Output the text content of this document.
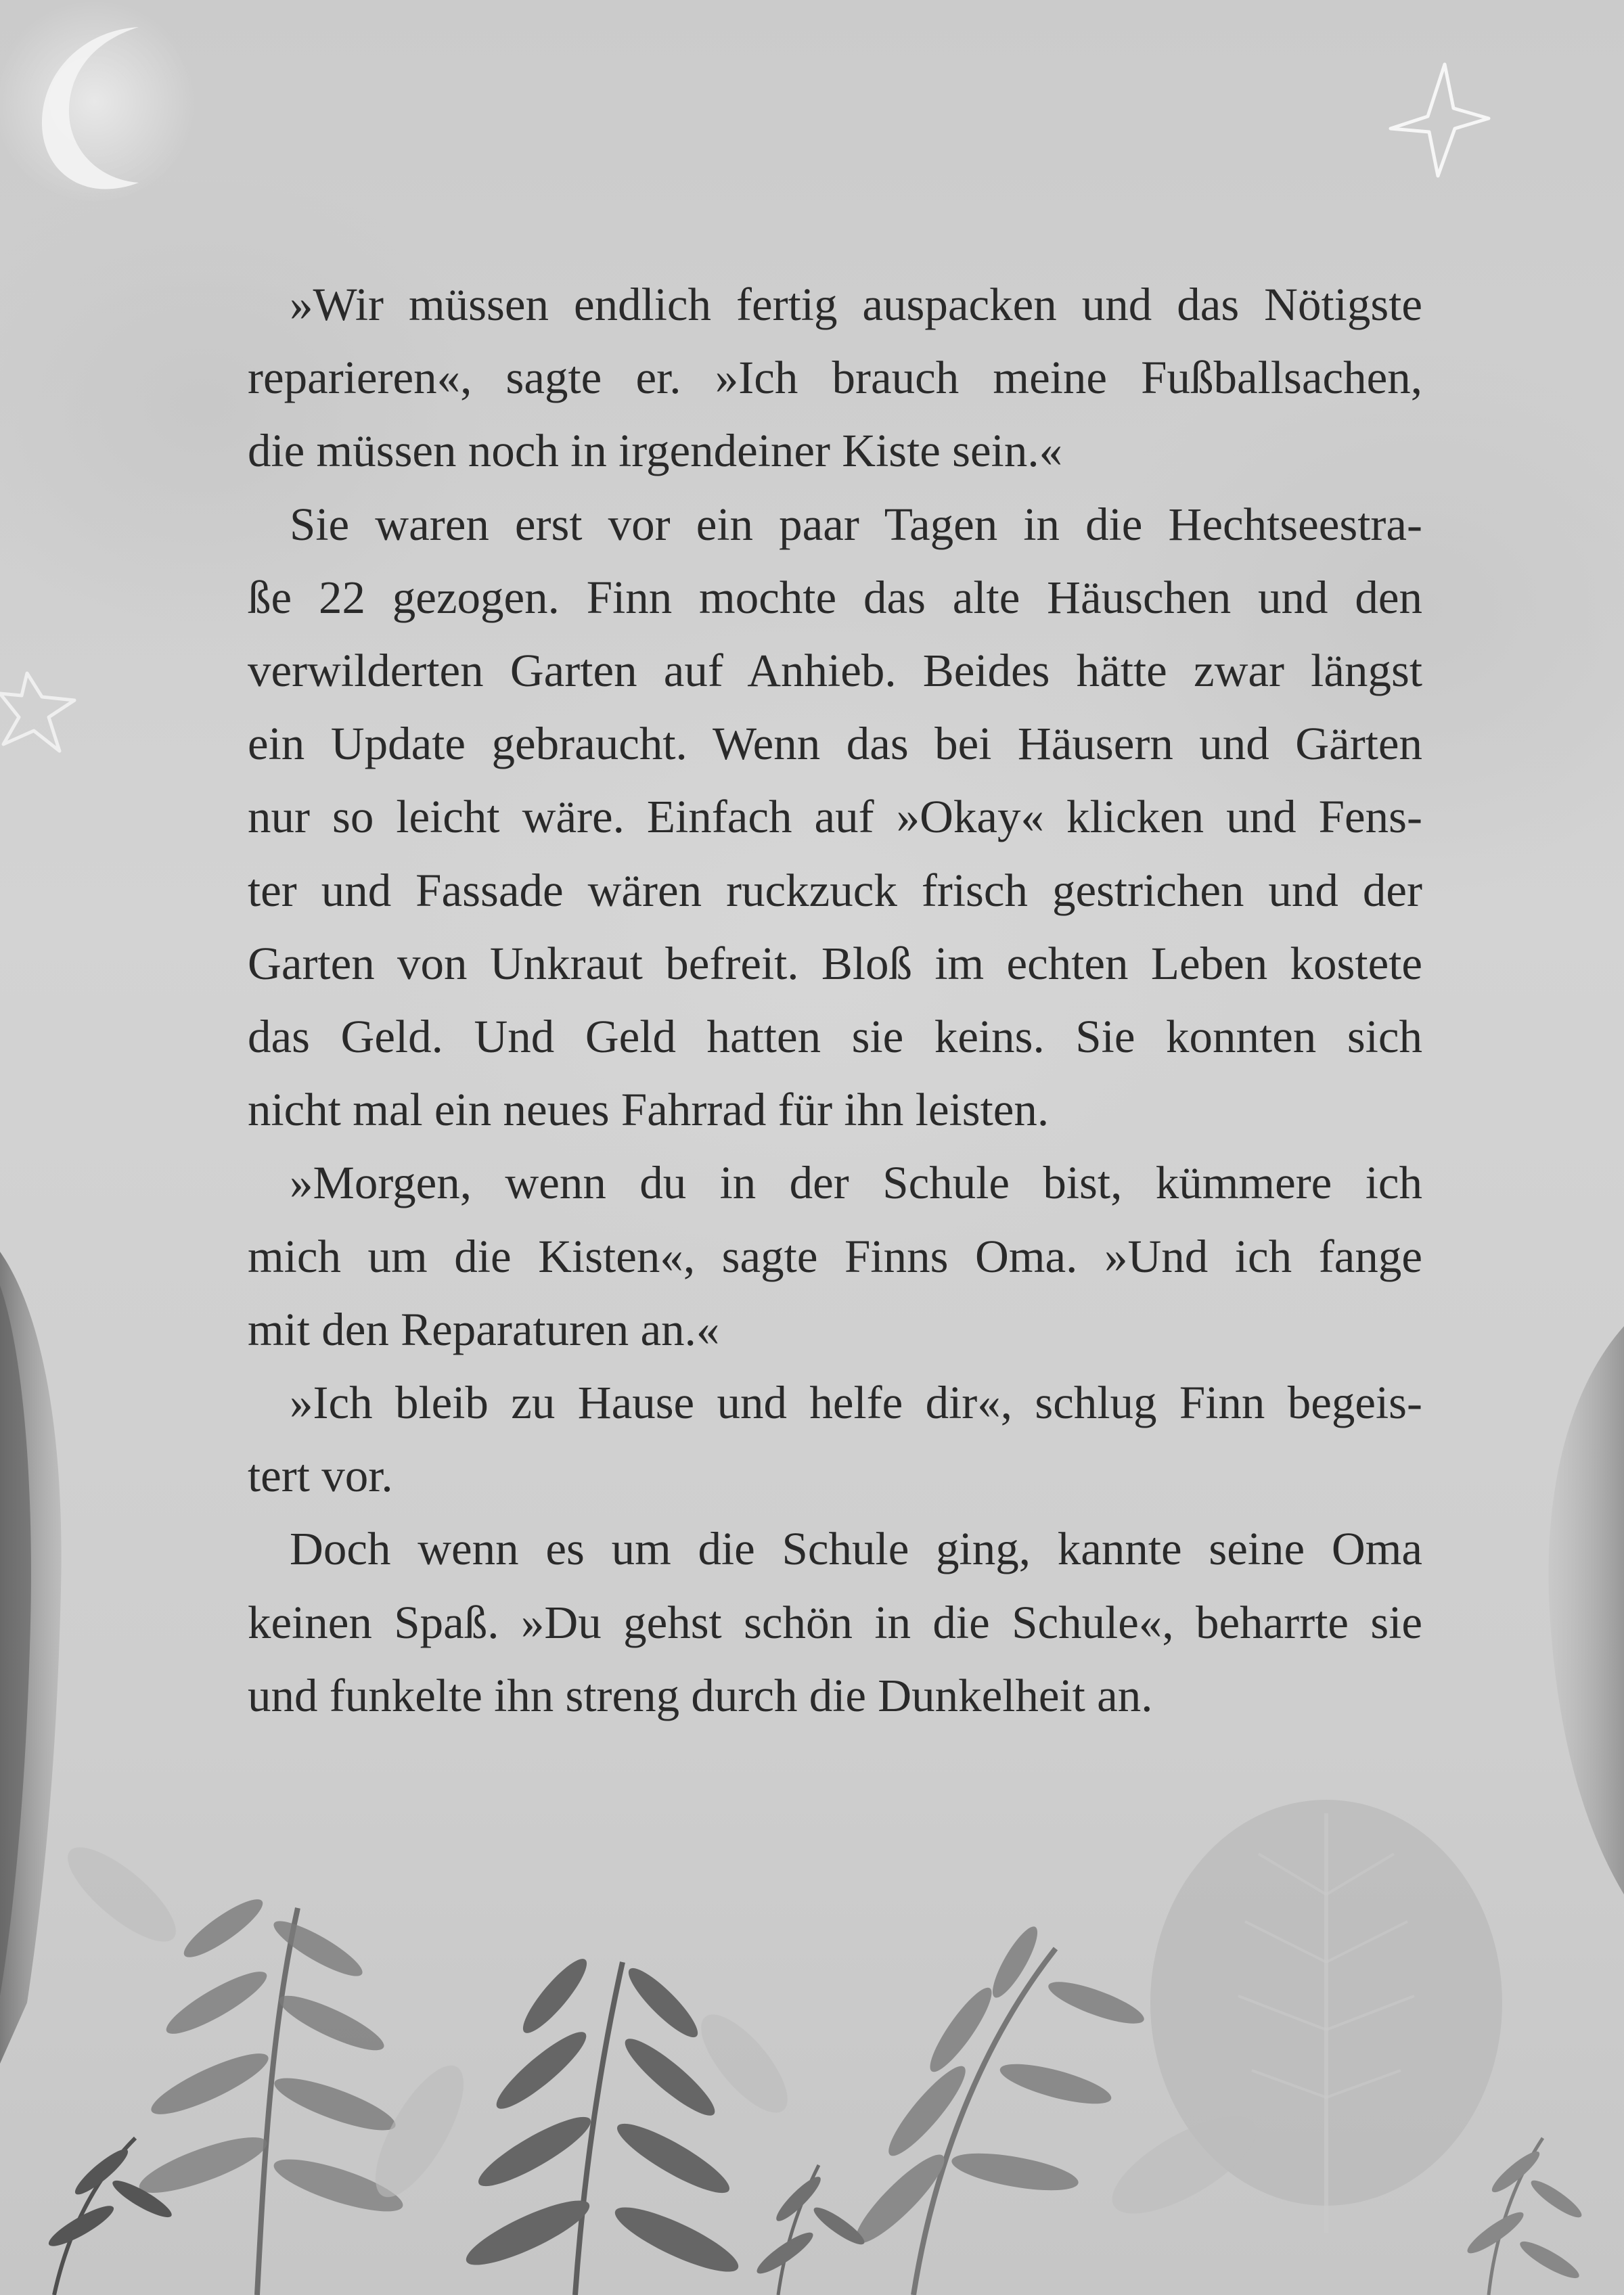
»Wir müssen endlich fertig auspacken und das Nötigste
reparieren«, sagte er. »Ich brauch meine Fußballsachen,
die müssen noch in irgendeiner Kiste sein.«
Sie waren erst vor ein paar Tagen in die Hechtseestra-
ße 22 gezogen. Finn mochte das alte Häuschen und den
verwilderten Garten auf Anhieb. Beides hätte zwar längst
ein Update gebraucht. Wenn das bei Häusern und Gärten
nur so leicht wäre. Einfach auf »Okay« klicken und Fens-
ter und Fassade wären ruckzuck frisch gestrichen und der
Garten von Unkraut befreit. Bloß im echten Leben kostete
das Geld. Und Geld hatten sie keins. Sie konnten sich
nicht mal ein neues Fahrrad für ihn leisten.
»Morgen, wenn du in der Schule bist, kümmere ich
mich um die Kisten«, sagte Finns Oma. »Und ich fange
mit den Reparaturen an.«
»Ich bleib zu Hause und helfe dir«, schlug Finn begeis-
tert vor.
Doch wenn es um die Schule ging, kannte seine Oma
keinen Spaß. »Du gehst schön in die Schule«, beharrte sie
und funkelte ihn streng durch die Dunkelheit an.
